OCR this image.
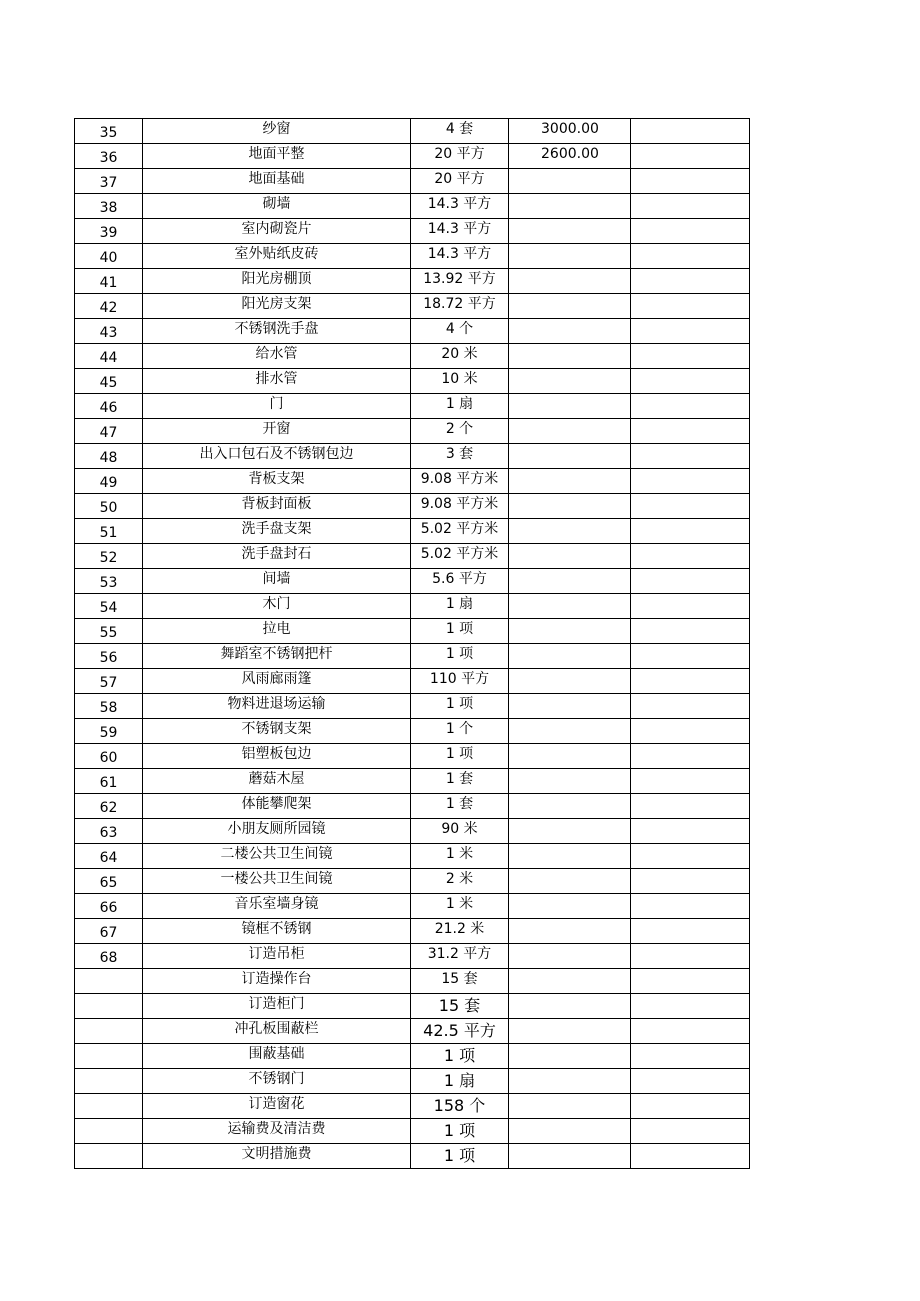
35	纱窗	4 套	3000.00	
36	地面平整	20 平方	2600.00	
37	地面基础	20 平方		
38	砌墙	14.3 平方		
39	室内砌瓷片	14.3 平方		
40	室外贴纸皮砖	14.3 平方		
41	阳光房棚顶	13.92 平方		
42	阳光房支架	18.72 平方		
43	不锈钢洗手盘	4 个		
44	给水管	20 米		
45	排水管	10 米		
46	门	1 扇		
47	开窗	2 个		
48	出入口包石及不锈钢包边	3 套		
49	背板支架	9.08 平方米		
50	背板封面板	9.08 平方米		
51	洗手盘支架	5.02 平方米		
52	洗手盘封石	5.02 平方米		
53	间墙	5.6 平方		
54	木门	1 扇		
55	拉电	1 项		
56	舞蹈室不锈钢把杆	1 项		
57	风雨廊雨篷	110 平方		
58	物料进退场运输	1 项		
59	不锈钢支架	1 个		
60	铝塑板包边	1 项		
61	蘑菇木屋	1 套		
62	体能攀爬架	1 套		
63	小朋友厕所园镜	90 米		
64	二楼公共卫生间镜	1 米		
65	一楼公共卫生间镜	2 米		
66	音乐室墙身镜	1 米		
67	镜框不锈钢	21.2 米		
68	订造吊柜	31.2 平方		
	订造操作台	15 套		
	订造柜门	15 套		
	冲孔板围蔽栏	42.5 平方		
	围蔽基础	1 项		
	不锈钢门	1 扇		
	订造窗花	158 个		
	运输费及清洁费	1 项		
	文明措施费	1 项		
